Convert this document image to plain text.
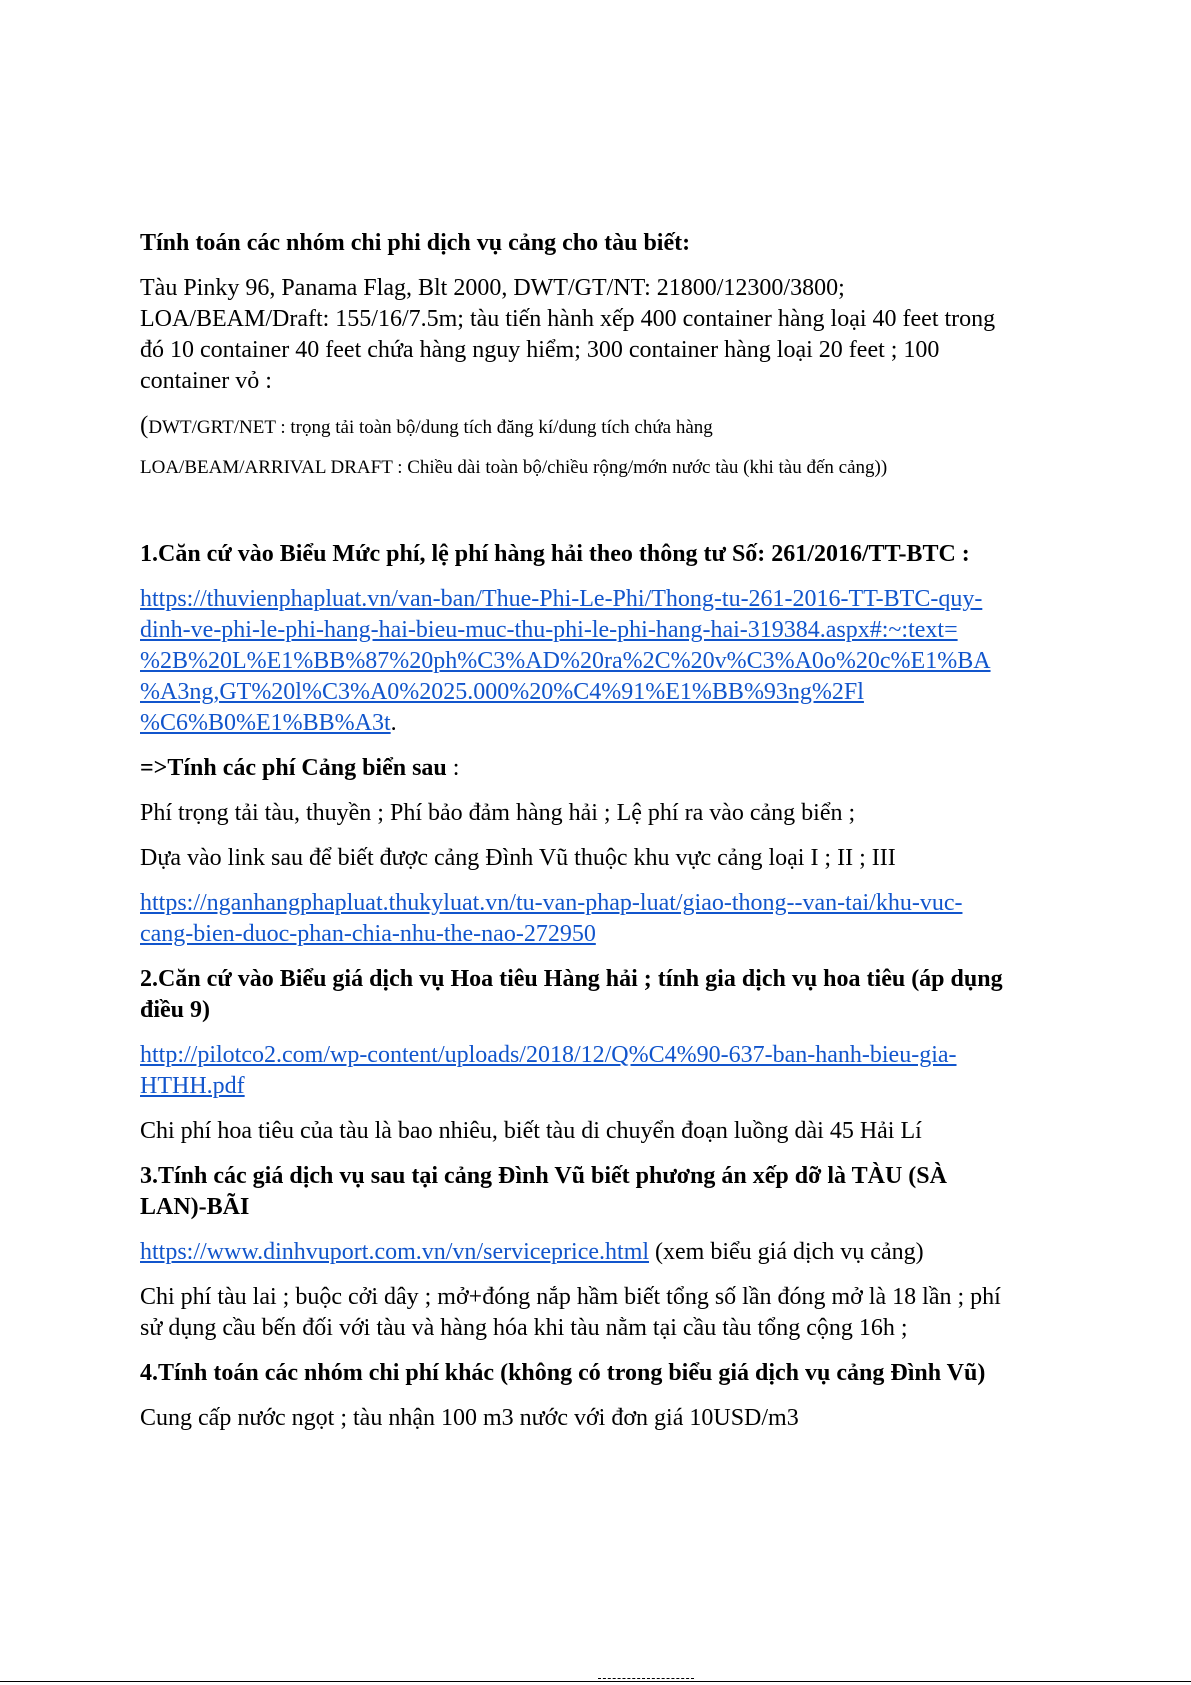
Tính toán các nhóm chi phi dịch vụ cảng cho tàu biết:
Tàu Pinky 96, Panama Flag, Blt 2000, DWT/GT/NT: 21800/12300/3800;
LOA/BEAM/Draft: 155/16/7.5m; tàu tiến hành xếp 400 container hàng loại 40 feet trong
đó 10 container 40 feet chứa hàng nguy hiểm; 300 container hàng loại 20 feet ; 100
container vỏ :
(DWT/GRT/NET : trọng tải toàn bộ/dung tích đăng kí/dung tích chứa hàng
LOA/BEAM/ARRIVAL DRAFT : Chiều dài toàn bộ/chiều rộng/mớn nước tàu (khi tàu đến cảng))
1.Căn cứ vào Biểu Mức phí, lệ phí hàng hải theo thông tư Số: 261/2016/TT-BTC :
https://thuvienphapluat.vn/van-ban/Thue-Phi-Le-Phi/Thong-tu-261-2016-TT-BTC-quy-
dinh-ve-phi-le-phi-hang-hai-bieu-muc-thu-phi-le-phi-hang-hai-319384.aspx#:~:text=
%2B%20L%E1%BB%87%20ph%C3%AD%20ra%2C%20v%C3%A0o%20c%E1%BA
%A3ng,GT%20l%C3%A0%2025.000%20%C4%91%E1%BB%93ng%2Fl
%C6%B0%E1%BB%A3t.
=>Tính các phí Cảng biển sau :
Phí trọng tải tàu, thuyền ; Phí bảo đảm hàng hải ; Lệ phí ra vào cảng biển ;
Dựa vào link sau để biết được cảng Đình Vũ thuộc khu vực cảng loại I ; II ; III
https://nganhangphapluat.thukyluat.vn/tu-van-phap-luat/giao-thong--van-tai/khu-vuc-
cang-bien-duoc-phan-chia-nhu-the-nao-272950
2.Căn cứ vào Biểu giá dịch vụ Hoa tiêu Hàng hải ; tính gia dịch vụ hoa tiêu (áp dụng
điều 9)
http://pilotco2.com/wp-content/uploads/2018/12/Q%C4%90-637-ban-hanh-bieu-gia-
HTHH.pdf
Chi phí hoa tiêu của tàu là bao nhiêu, biết tàu di chuyển đoạn luồng dài 45 Hải Lí
3.Tính các giá dịch vụ sau tại cảng Đình Vũ biết phương án xếp dỡ là TÀU (SÀ
LAN)-BÃI
https://www.dinhvuport.com.vn/vn/serviceprice.html (xem biểu giá dịch vụ cảng)
Chi phí tàu lai ; buộc cởi dây ; mở+đóng nắp hầm biết tổng số lần đóng mở là 18 lần ; phí
sử dụng cầu bến đối với tàu và hàng hóa khi tàu nằm tại cầu tàu tổng cộng 16h ;
4.Tính toán các nhóm chi phí khác (không có trong biểu giá dịch vụ cảng Đình Vũ)
Cung cấp nước ngọt ; tàu nhận 100 m3 nước với đơn giá 10USD/m3
